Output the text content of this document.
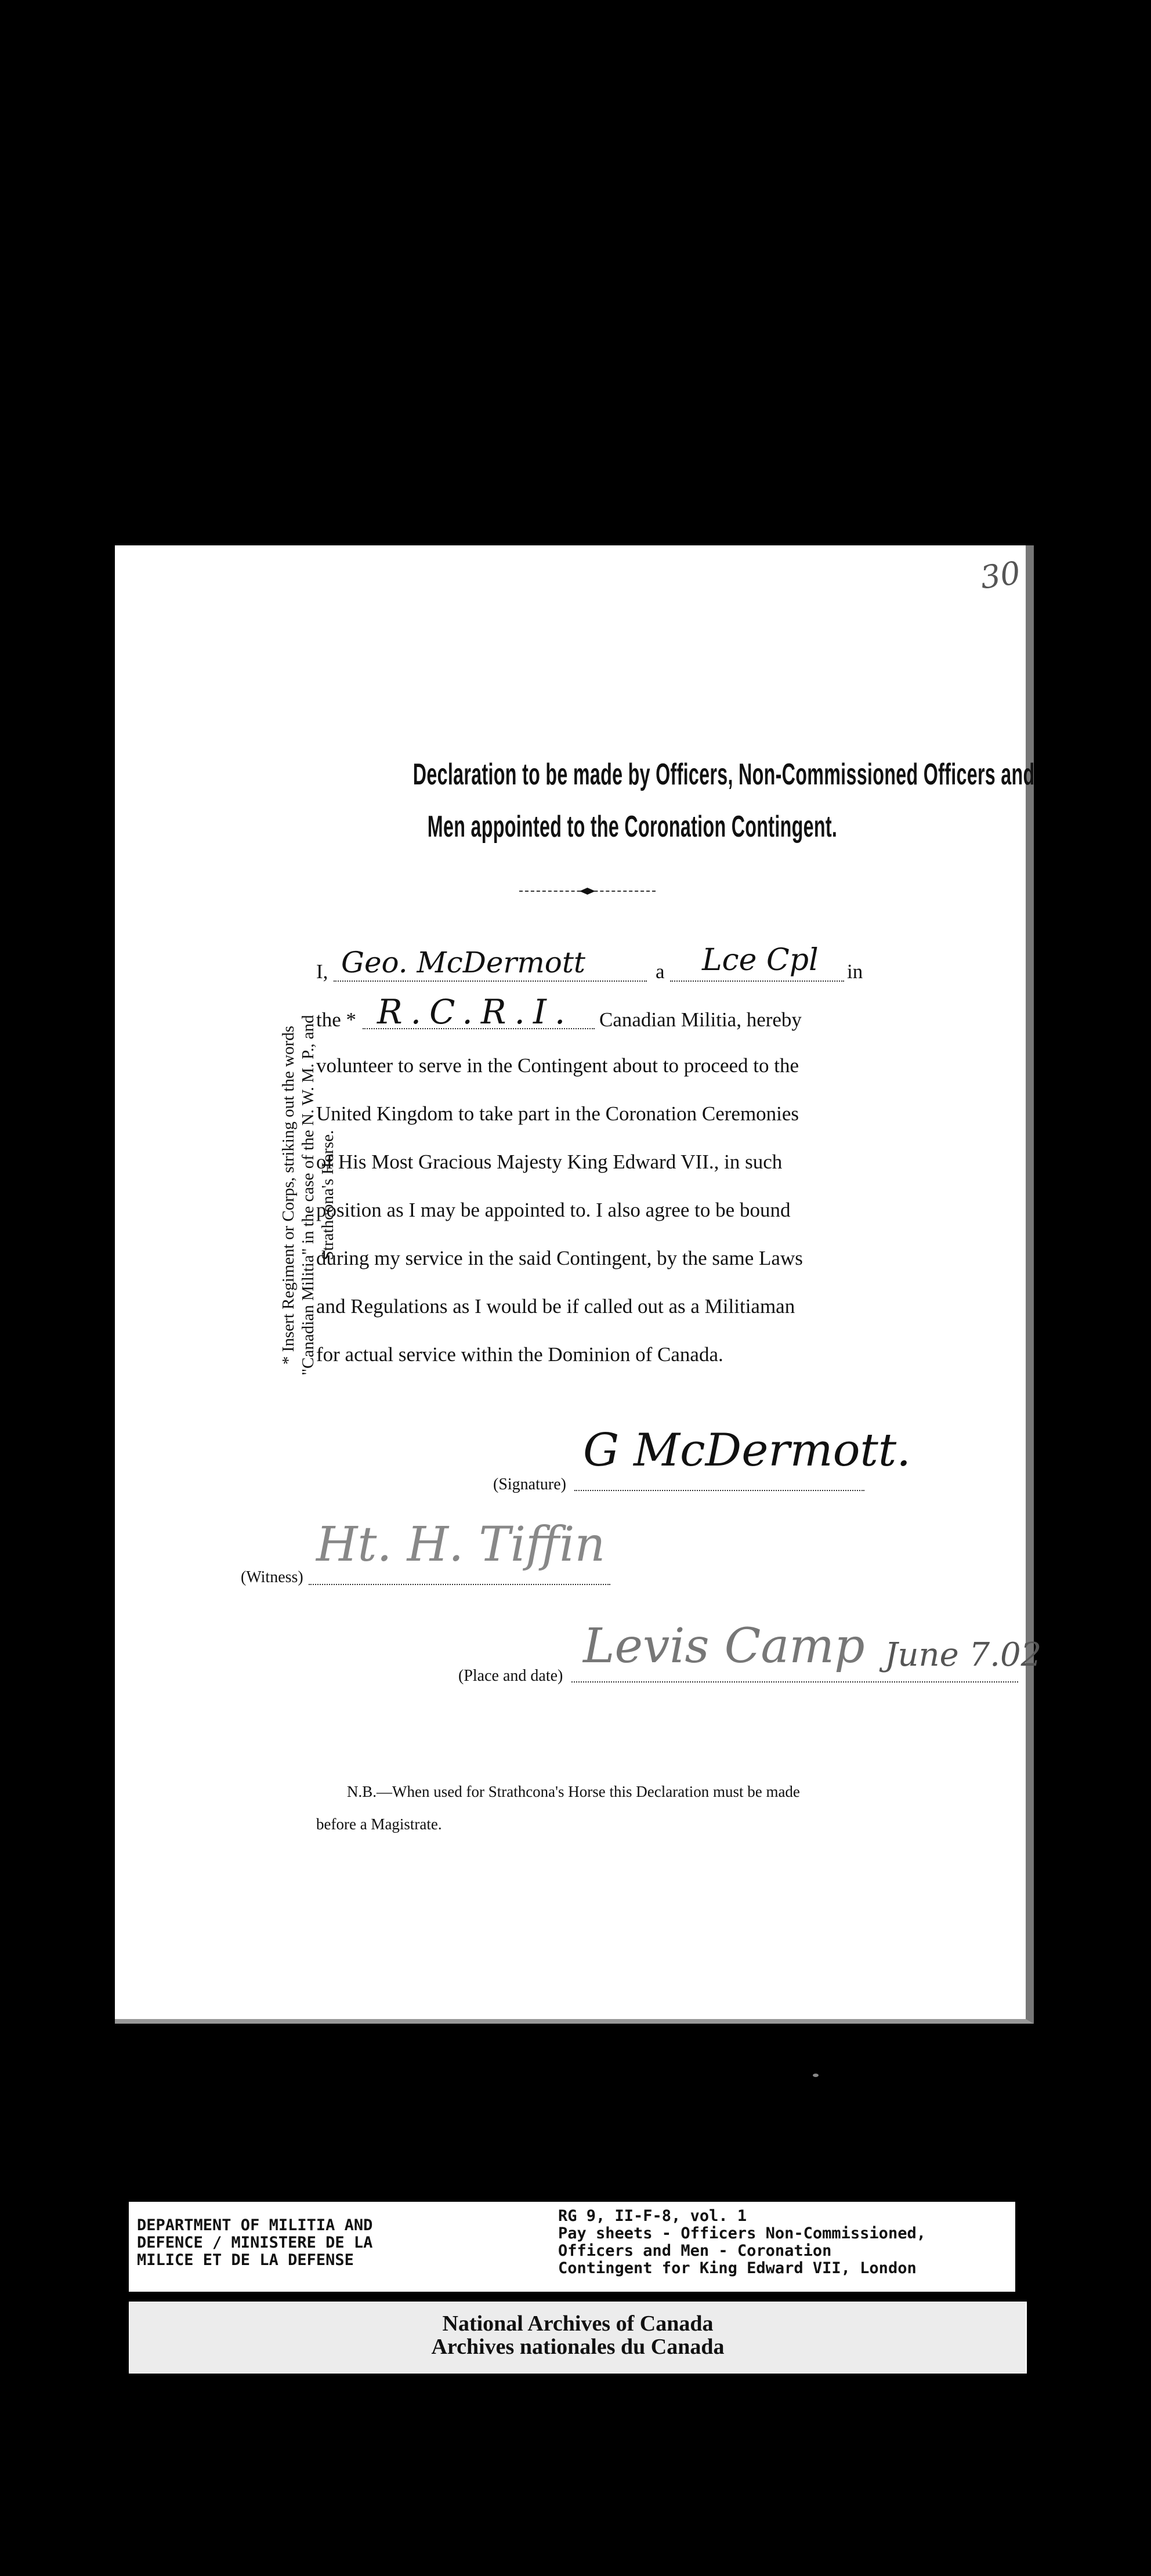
30
Declaration to be made by Officers, Non-Commissioned Officers and
Men appointed to the Coronation Contingent.
I, Geo. McDermott	a Lce Cpl in
the * R.C.R.I. Canadian Militia, hereby
volunteer to serve in the Contingent about to proceed to the
United Kingdom to take part in the Coronation Ceremonies
of His Most Gracious Majesty King Edward VII., in such
position as I may be appointed to. I also agree to be bound
during my service in the said Contingent, by the same Laws
and Regulations as I would be if called out as a Militiaman
for actual service within the Dominion of Canada.
* Insert Regiment or Corps, striking out the words "Canadian Militia" in the case of the N. W. M. P., and Strathcona's Horse.
(Signature)
G McDermott.
(Witness)
Ht. H. Tiffin
(Place and date)
Levis Camp June 7.02
N.B.—When used for Strathcona's Horse this Declaration must be made
before a Magistrate.
DEPARTMENT OF MILITIA AND
DEFENCE / MINISTERE DE LA
MILICE ET DE LA DEFENSE
RG 9, II-F-8, vol. 1
Pay sheets - Officers Non-Commissioned,
Officers and Men - Coronation
Contingent for King Edward VII, London
National Archives of Canada
Archives nationales du Canada
